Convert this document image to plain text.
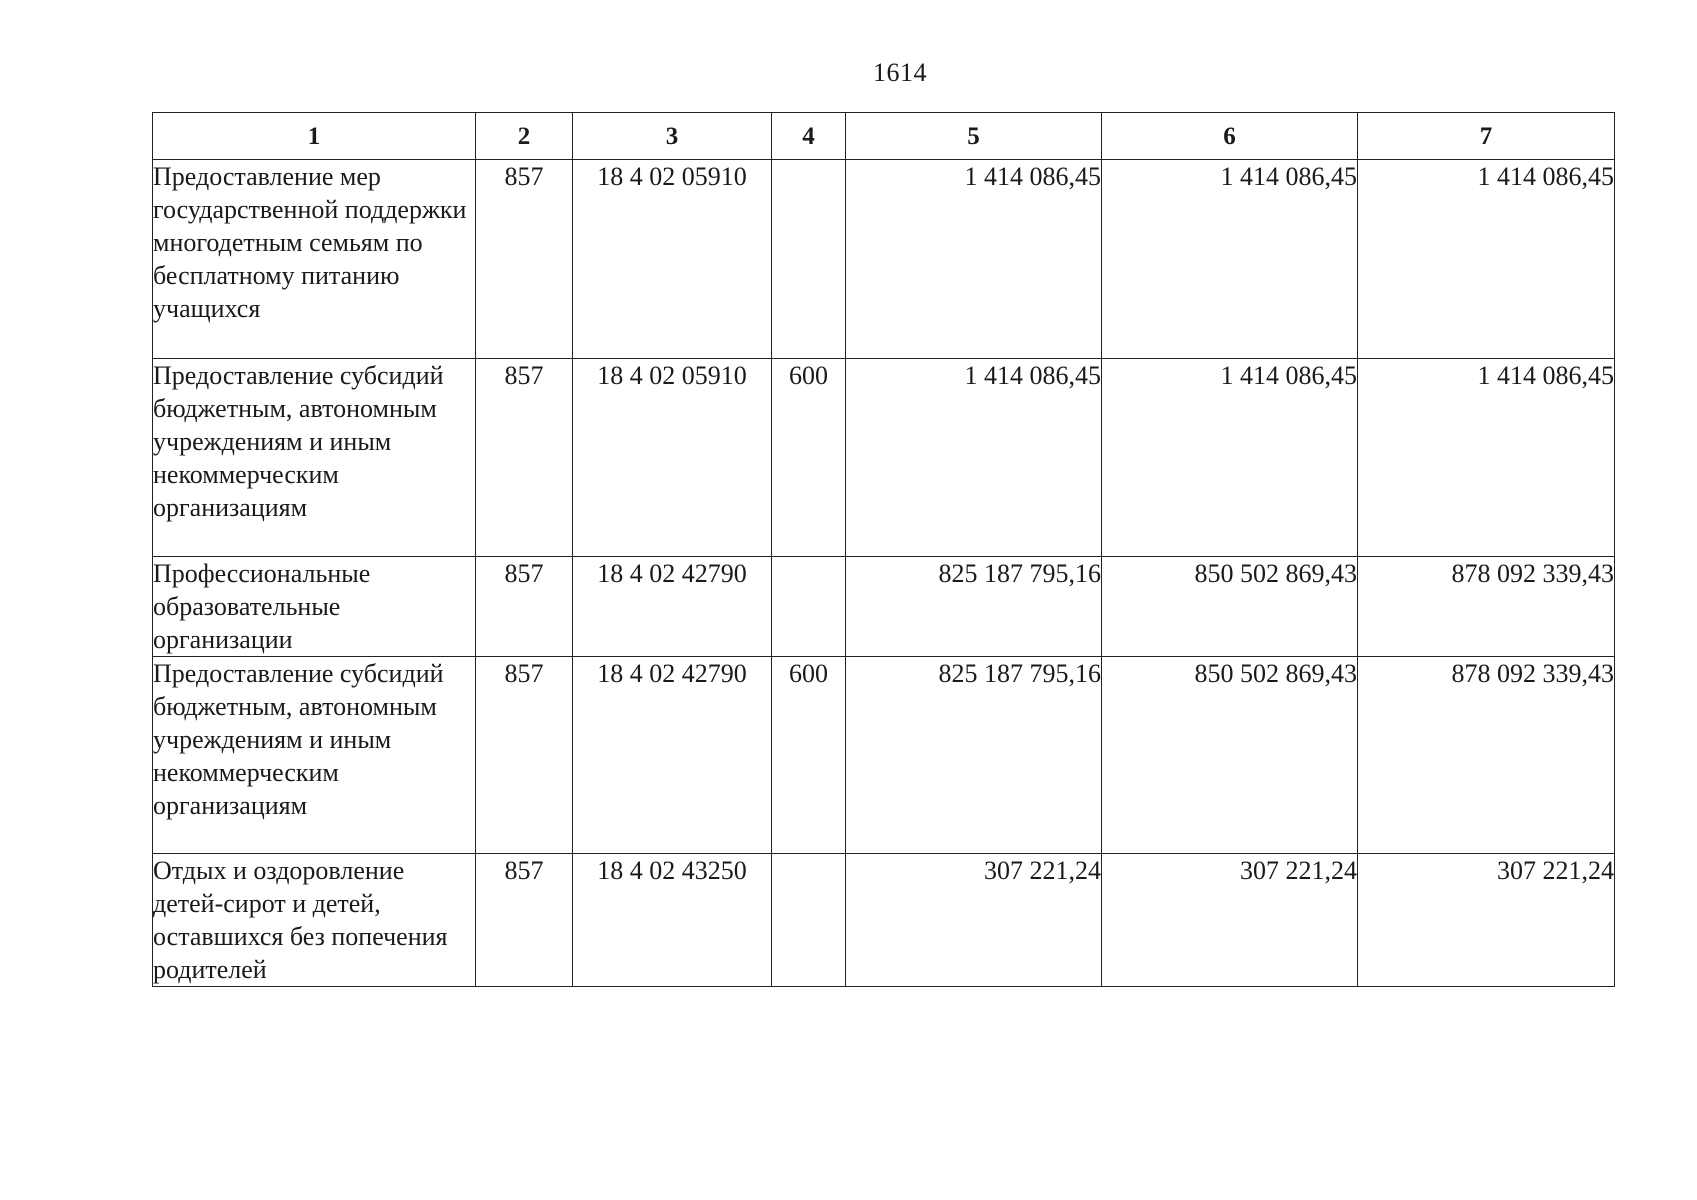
1614
1	2	3	4	5	6	7
Предоставление мер государственной поддержки многодетным семьям по бесплатному питанию учащихся	857	18 4 02 05910		1 414 086,45	1 414 086,45	1 414 086,45
Предоставление субсидий бюджетным, автономным учреждениям и иным некоммерческим организациям	857	18 4 02 05910	600	1 414 086,45	1 414 086,45	1 414 086,45
Профессиональные образовательные организации	857	18 4 02 42790		825 187 795,16	850 502 869,43	878 092 339,43
Предоставление субсидий бюджетным, автономным учреждениям и иным некоммерческим организациям	857	18 4 02 42790	600	825 187 795,16	850 502 869,43	878 092 339,43
Отдых и оздоровление детей-сирот и детей, оставшихся без попечения родителей	857	18 4 02 43250		307 221,24	307 221,24	307 221,24
